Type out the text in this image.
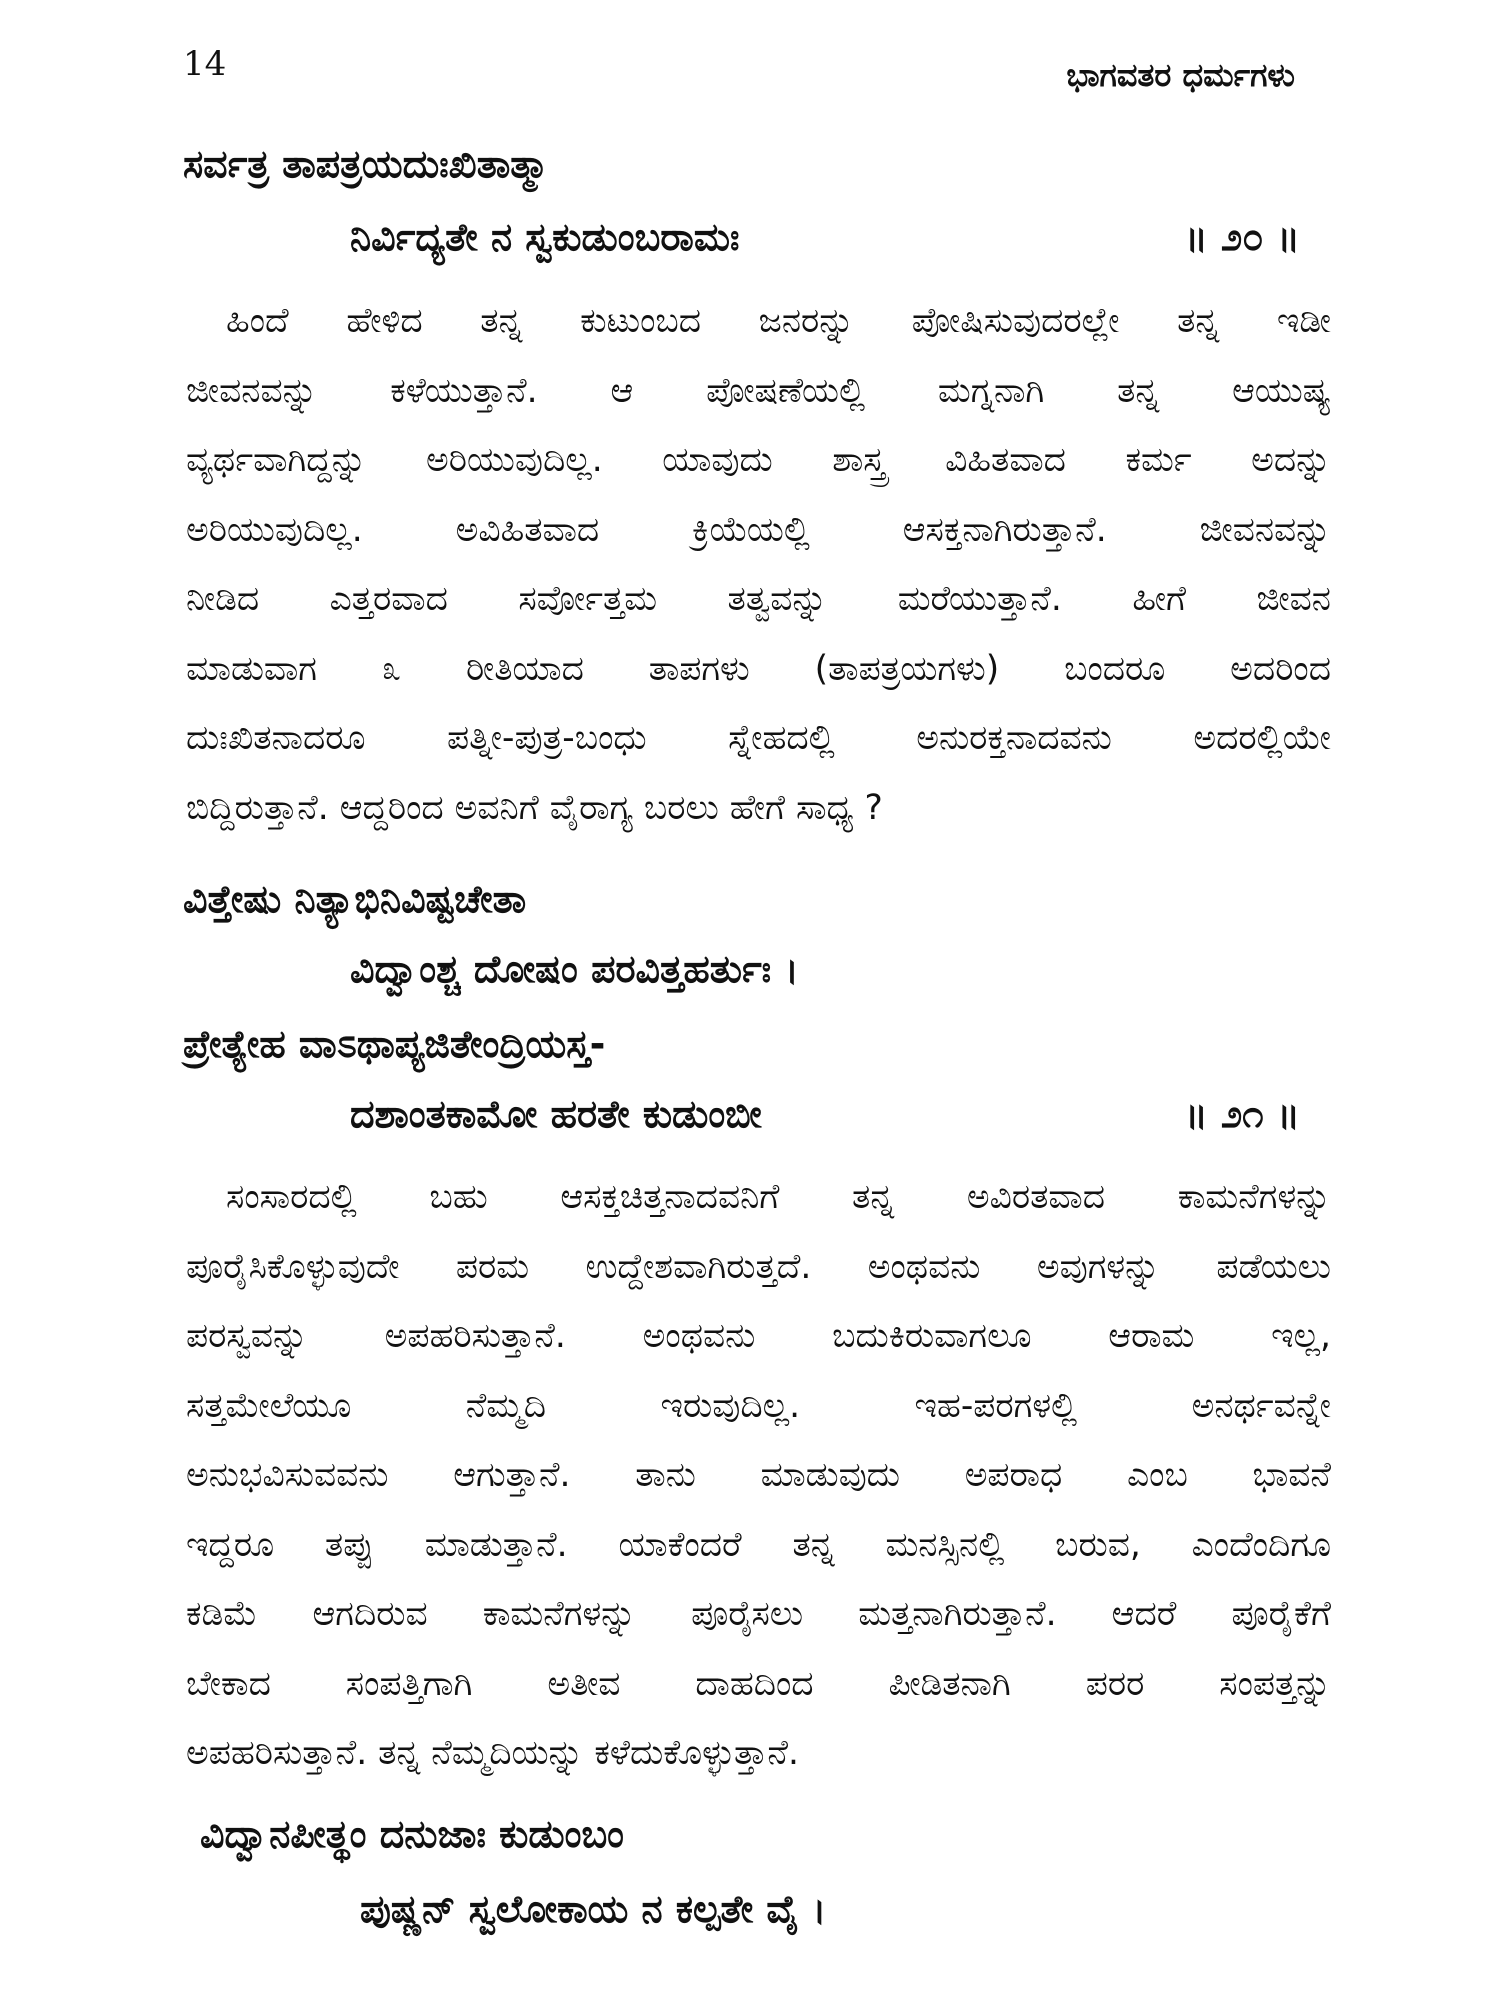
14	ಭಾಗವತರ ಧರ್ಮಗಳು
ಸರ್ವತ್ರ ತಾಪತ್ರಯದುಃಖಿತಾತ್ಮಾ
ನಿರ್ವಿದ್ಯತೇ ನ ಸ್ವಕುಡುಂಬರಾಮಃ	॥ ೨೦ ॥
ಹಿಂದೆ ಹೇಳಿದ ತನ್ನ ಕುಟುಂಬದ ಜನರನ್ನು ಪೋಷಿಸುವುದರಲ್ಲೇ ತನ್ನ ಇಡೀ
ಜೀವನವನ್ನು ಕಳೆಯುತ್ತಾನೆ. ಆ ಪೋಷಣೆಯಲ್ಲಿ ಮಗ್ನನಾಗಿ ತನ್ನ ಆಯುಷ್ಯ
ವ್ಯರ್ಥವಾಗಿದ್ದನ್ನು ಅರಿಯುವುದಿಲ್ಲ. ಯಾವುದು ಶಾಸ್ತ್ರ ವಿಹಿತವಾದ ಕರ್ಮ ಅದನ್ನು
ಅರಿಯುವುದಿಲ್ಲ. ಅವಿಹಿತವಾದ ಕ್ರಿಯೆಯಲ್ಲಿ ಆಸಕ್ತನಾಗಿರುತ್ತಾನೆ. ಜೀವನವನ್ನು
ನೀಡಿದ ಎತ್ತರವಾದ ಸರ್ವೋತ್ತಮ ತತ್ವವನ್ನು ಮರೆಯುತ್ತಾನೆ. ಹೀಗೆ ಜೀವನ
ಮಾಡುವಾಗ ೩ ರೀತಿಯಾದ ತಾಪಗಳು (ತಾಪತ್ರಯಗಳು) ಬಂದರೂ ಅದರಿಂದ
ದುಃಖಿತನಾದರೂ ಪತ್ನೀ-ಪುತ್ರ-ಬಂಧು ಸ್ನೇಹದಲ್ಲಿ ಅನುರಕ್ತನಾದವನು ಅದರಲ್ಲಿಯೇ
ಬಿದ್ದಿರುತ್ತಾನೆ. ಆದ್ದರಿಂದ ಅವನಿಗೆ ವೈರಾಗ್ಯ ಬರಲು ಹೇಗೆ ಸಾಧ್ಯ ?
ವಿತ್ತೇಷು ನಿತ್ಯಾಭಿನಿವಿಷ್ಟಚೇತಾ
ವಿದ್ವಾಂಶ್ಚ ದೋಷಂ ಪರವಿತ್ತಹರ್ತುಃ ।
ಪ್ರೇತ್ಯೇಹ ವಾಽಥಾಪ್ಯಜಿತೇಂದ್ರಿಯಸ್ತ-
ದಶಾಂತಕಾಮೋ ಹರತೇ ಕುಡುಂಬೀ	॥ ೨೧ ॥
ಸಂಸಾರದಲ್ಲಿ ಬಹು ಆಸಕ್ತಚಿತ್ತನಾದವನಿಗೆ ತನ್ನ ಅವಿರತವಾದ ಕಾಮನೆಗಳನ್ನು
ಪೂರೈಸಿಕೊಳ್ಳುವುದೇ ಪರಮ ಉದ್ದೇಶವಾಗಿರುತ್ತದೆ. ಅಂಥವನು ಅವುಗಳನ್ನು ಪಡೆಯಲು
ಪರಸ್ವವನ್ನು ಅಪಹರಿಸುತ್ತಾನೆ. ಅಂಥವನು ಬದುಕಿರುವಾಗಲೂ ಆರಾಮ ಇಲ್ಲ,
ಸತ್ತಮೇಲೆಯೂ ನೆಮ್ಮದಿ ಇರುವುದಿಲ್ಲ. ಇಹ-ಪರಗಳಲ್ಲಿ ಅನರ್ಥವನ್ನೇ
ಅನುಭವಿಸುವವನು ಆಗುತ್ತಾನೆ. ತಾನು ಮಾಡುವುದು ಅಪರಾಧ ಎಂಬ ಭಾವನೆ
ಇದ್ದರೂ ತಪ್ಪು ಮಾಡುತ್ತಾನೆ. ಯಾಕೆಂದರೆ ತನ್ನ ಮನಸ್ಸಿನಲ್ಲಿ ಬರುವ, ಎಂದೆಂದಿಗೂ
ಕಡಿಮೆ ಆಗದಿರುವ ಕಾಮನೆಗಳನ್ನು ಪೂರೈಸಲು ಮತ್ತನಾಗಿರುತ್ತಾನೆ. ಆದರೆ ಪೂರೈಕೆಗೆ
ಬೇಕಾದ ಸಂಪತ್ತಿಗಾಗಿ ಅತೀವ ದಾಹದಿಂದ ಪೀಡಿತನಾಗಿ ಪರರ ಸಂಪತ್ತನ್ನು
ಅಪಹರಿಸುತ್ತಾನೆ. ತನ್ನ ನೆಮ್ಮದಿಯನ್ನು ಕಳೆದುಕೊಳ್ಳುತ್ತಾನೆ.
ವಿದ್ವಾನಪೀತ್ಥಂ ದನುಜಾಃ ಕುಡುಂಬಂ
ಪುಷ್ಣನ್ ಸ್ವಲೋಕಾಯ ನ ಕಲ್ಪತೇ ವೈ ।
